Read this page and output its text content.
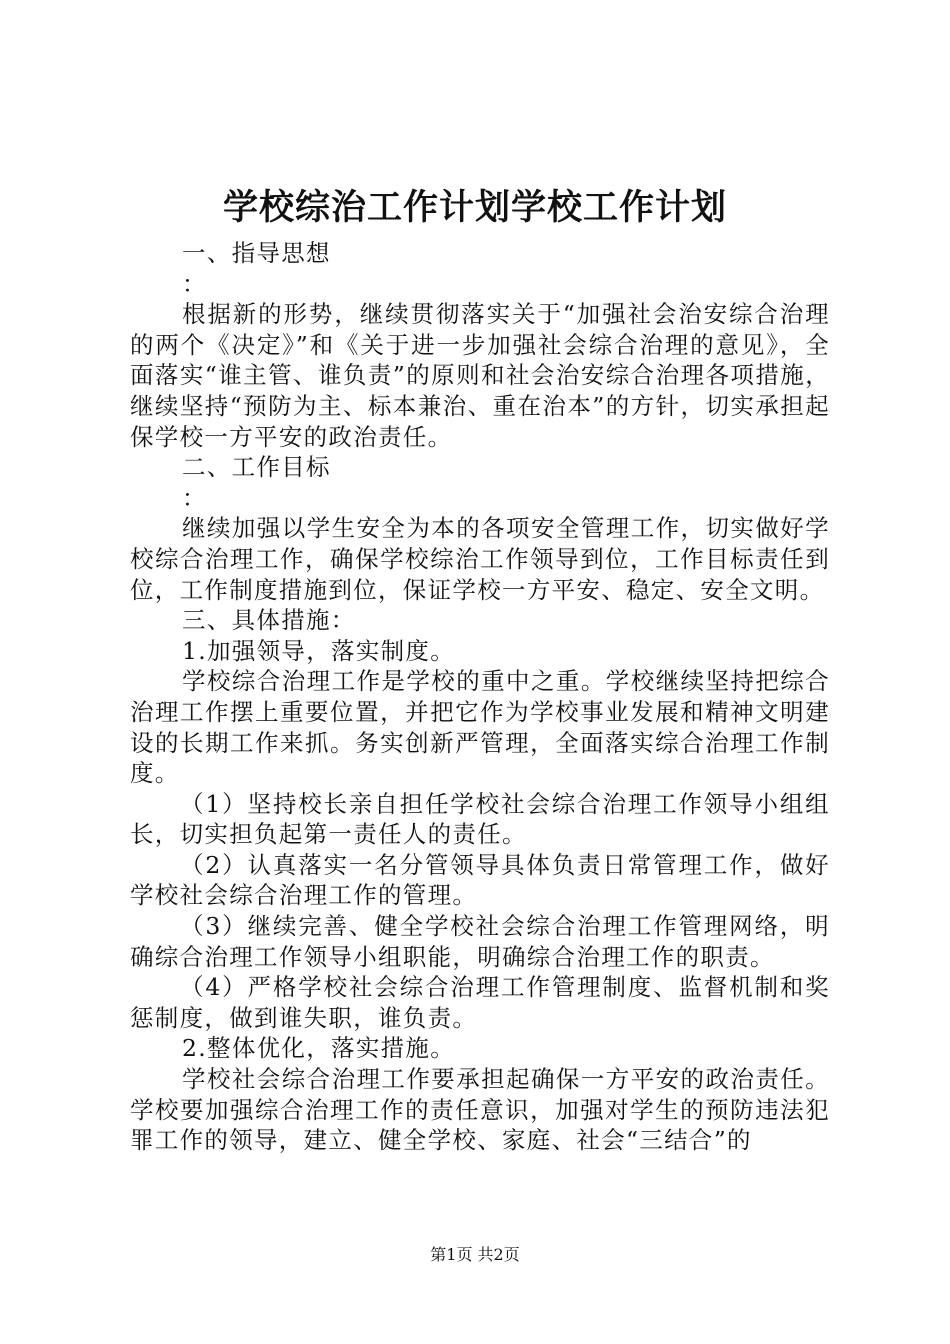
学校综治工作计划学校工作计划

一、指导思想

：

根据新的形势，继续贯彻落实关于“加强社会治安综合治理的两个《决定》”和《关于进一步加强社会综合治理的意见》，全面落实“谁主管、谁负责”的原则和社会治安综合治理各项措施，继续坚持“预防为主、标本兼治、重在治本”的方针，切实承担起保学校一方平安的政治责任。

二、工作目标

：

继续加强以学生安全为本的各项安全管理工作，切实做好学校综合治理工作，确保学校综治工作领导到位，工作目标责任到位，工作制度措施到位，保证学校一方平安、稳定、安全文明。

三、具体措施：

1.加强领导，落实制度。

学校综合治理工作是学校的重中之重。学校继续坚持把综合治理工作摆上重要位置，并把它作为学校事业发展和精神文明建设的长期工作来抓。务实创新严管理，全面落实综合治理工作制度。

（1）坚持校长亲自担任学校社会综合治理工作领导小组组长，切实担负起第一责任人的责任。

（2）认真落实一名分管领导具体负责日常管理工作，做好学校社会综合治理工作的管理。

（3）继续完善、健全学校社会综合治理工作管理网络，明确综合治理工作领导小组职能，明确综合治理工作的职责。

（4）严格学校社会综合治理工作管理制度、监督机制和奖惩制度，做到谁失职，谁负责。

2.整体优化，落实措施。

学校社会综合治理工作要承担起确保一方平安的政治责任。学校要加强综合治理工作的责任意识，加强对学生的预防违法犯罪工作的领导，建立、健全学校、家庭、社会“三结合”的

第1页 共2页
